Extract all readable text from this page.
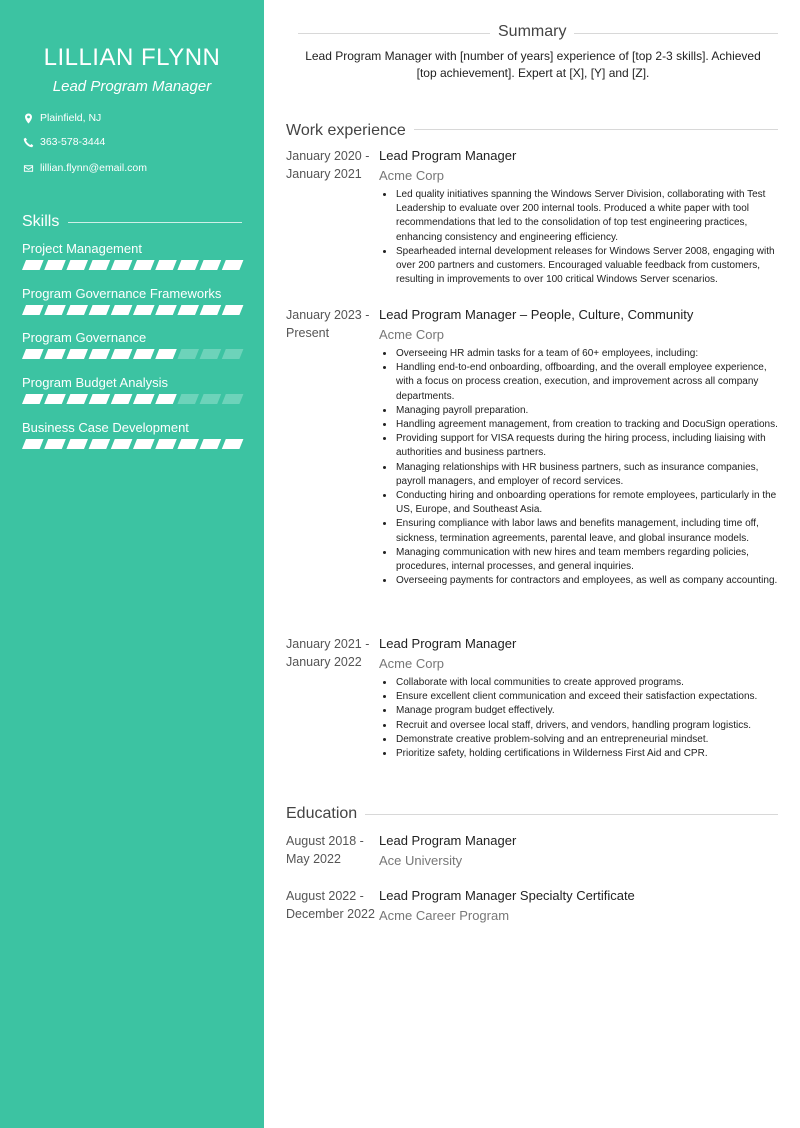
LILLIAN FLYNN
Lead Program Manager
Plainfield, NJ
363-578-3444
lillian.flynn@email.com
Skills
Project Management
Program Governance Frameworks
Program Governance
Program Budget Analysis
Business Case Development
Summary
Lead Program Manager with [number of years] experience of [top 2-3 skills]. Achieved [top achievement]. Expert at [X], [Y] and [Z].
Work experience
January 2020 -
January 2021
Lead Program Manager
Acme Corp
• Led quality initiatives spanning the Windows Server Division, collaborating with Test Leadership to evaluate over 200 internal tools. Produced a white paper with tool recommendations that led to the consolidation of top test engineering practices, enhancing consistency and engineering efficiency.
• Spearheaded internal development releases for Windows Server 2008, engaging with over 200 partners and customers. Encouraged valuable feedback from customers, resulting in improvements to over 100 critical Windows Server scenarios.
January 2023 -
Present
Lead Program Manager – People, Culture, Community
Acme Corp
• Overseeing HR admin tasks for a team of 60+ employees, including:
• Handling end-to-end onboarding, offboarding, and the overall employee experience, with a focus on process creation, execution, and improvement across all company departments.
• Managing payroll preparation.
• Handling agreement management, from creation to tracking and DocuSign operations.
• Providing support for VISA requests during the hiring process, including liaising with authorities and business partners.
• Managing relationships with HR business partners, such as insurance companies, payroll managers, and employer of record services.
• Conducting hiring and onboarding operations for remote employees, particularly in the US, Europe, and Southeast Asia.
• Ensuring compliance with labor laws and benefits management, including time off, sickness, termination agreements, parental leave, and global insurance models.
• Managing communication with new hires and team members regarding policies, procedures, internal processes, and general inquiries.
• Overseeing payments for contractors and employees, as well as company accounting.
January 2021 -
January 2022
Lead Program Manager
Acme Corp
• Collaborate with local communities to create approved programs.
• Ensure excellent client communication and exceed their satisfaction expectations.
• Manage program budget effectively.
• Recruit and oversee local staff, drivers, and vendors, handling program logistics.
• Demonstrate creative problem-solving and an entrepreneurial mindset.
• Prioritize safety, holding certifications in Wilderness First Aid and CPR.
Education
August 2018 -
May 2022
Lead Program Manager
Ace University
August 2022 -
December 2022
Lead Program Manager Specialty Certificate
Acme Career Program
